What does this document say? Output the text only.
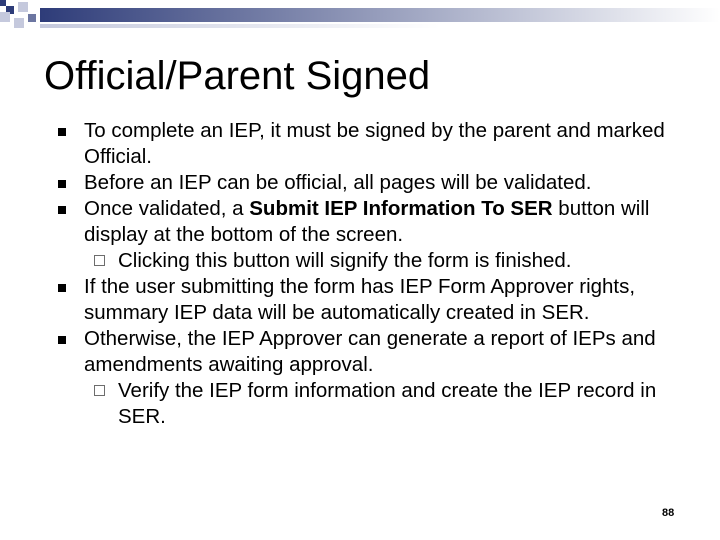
Official/Parent Signed
To complete an IEP, it must be signed by the parent and marked Official.
Before an IEP can be official, all pages will be validated.
Once validated, a Submit IEP Information To SER button will display at the bottom of the screen.
Clicking this button will signify the form is finished.
If the user submitting the form has IEP Form Approver rights, summary IEP data will be automatically created in SER.
Otherwise, the IEP Approver can generate a report of IEPs and amendments awaiting approval.
Verify the IEP form information and create the IEP record in SER.
88
